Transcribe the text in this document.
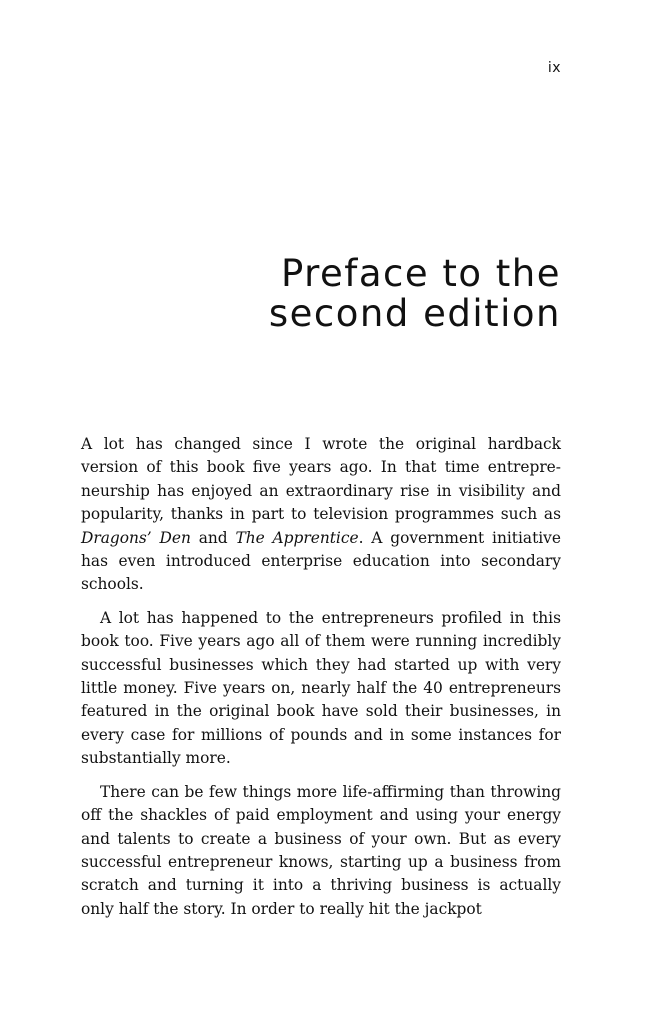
ix
Preface to the
second edition

A lot has changed since I wrote the original hardback version of this book five years ago. In that time entrepreneurship has enjoyed an extraordinary rise in visibility and popularity, thanks in part to television programmes such as Dragons’ Den and The Apprentice. A government initiative has even introduced enterprise education into secondary schools.

A lot has happened to the entrepreneurs profiled in this book too. Five years ago all of them were running incredibly successful businesses which they had started up with very little money. Five years on, nearly half the 40 entrepreneurs featured in the original book have sold their businesses, in every case for millions of pounds and in some instances for substantially more.

There can be few things more life-affirming than throwing off the shackles of paid employment and using your energy and talents to create a business of your own. But as every successful entrepreneur knows, starting up a business from scratch and turning it into a thriving business is actually only half the story. In order to really hit the jackpot
